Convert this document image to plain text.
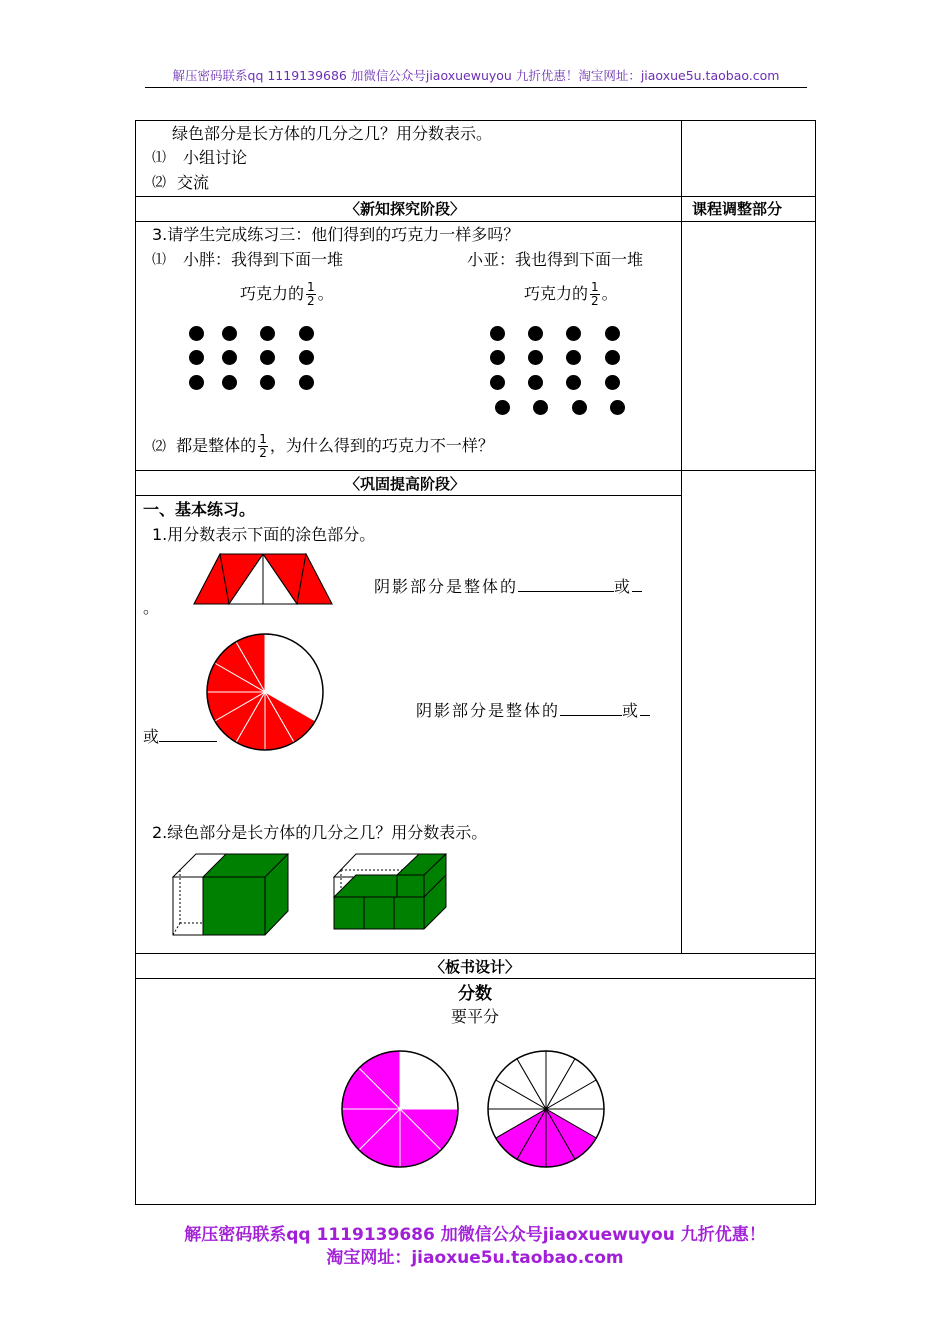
解压密码联系qq 1119139686 加微信公众号jiaoxuewuyou 九折优惠！淘宝网址：jiaoxue5u.taobao.com
解压密码联系qq 1119139686 加微信公众号jiaoxuewuyou 九折优惠！
淘宝网址：jiaoxue5u.taobao.com
绿色部分是长方体的几分之几？用分数表示。
⑴ 小组讨论
⑵ 交流
〈新知探究阶段〉	课程调整部分
3.请学生完成练习三：他们得到的巧克力一样多吗？
⑴ 小胖：我得到下面一堆	小亚：我也得到下面一堆
巧克力的 $\frac{1}{2}$ 。	巧克力的 $\frac{1}{2}$ 。
⑵ 都是整体的 $\frac{1}{2}$ ，为什么得到的巧克力不一样？
〈巩固提高阶段〉
一、基本练习。
1.用分数表示下面的涂色部分。
阴影部分是整体的	或
。
阴影部分是整体的	或
或
2.绿色部分是长方体的几分之几？用分数表示。
〈板书设计〉
分数
要平分
